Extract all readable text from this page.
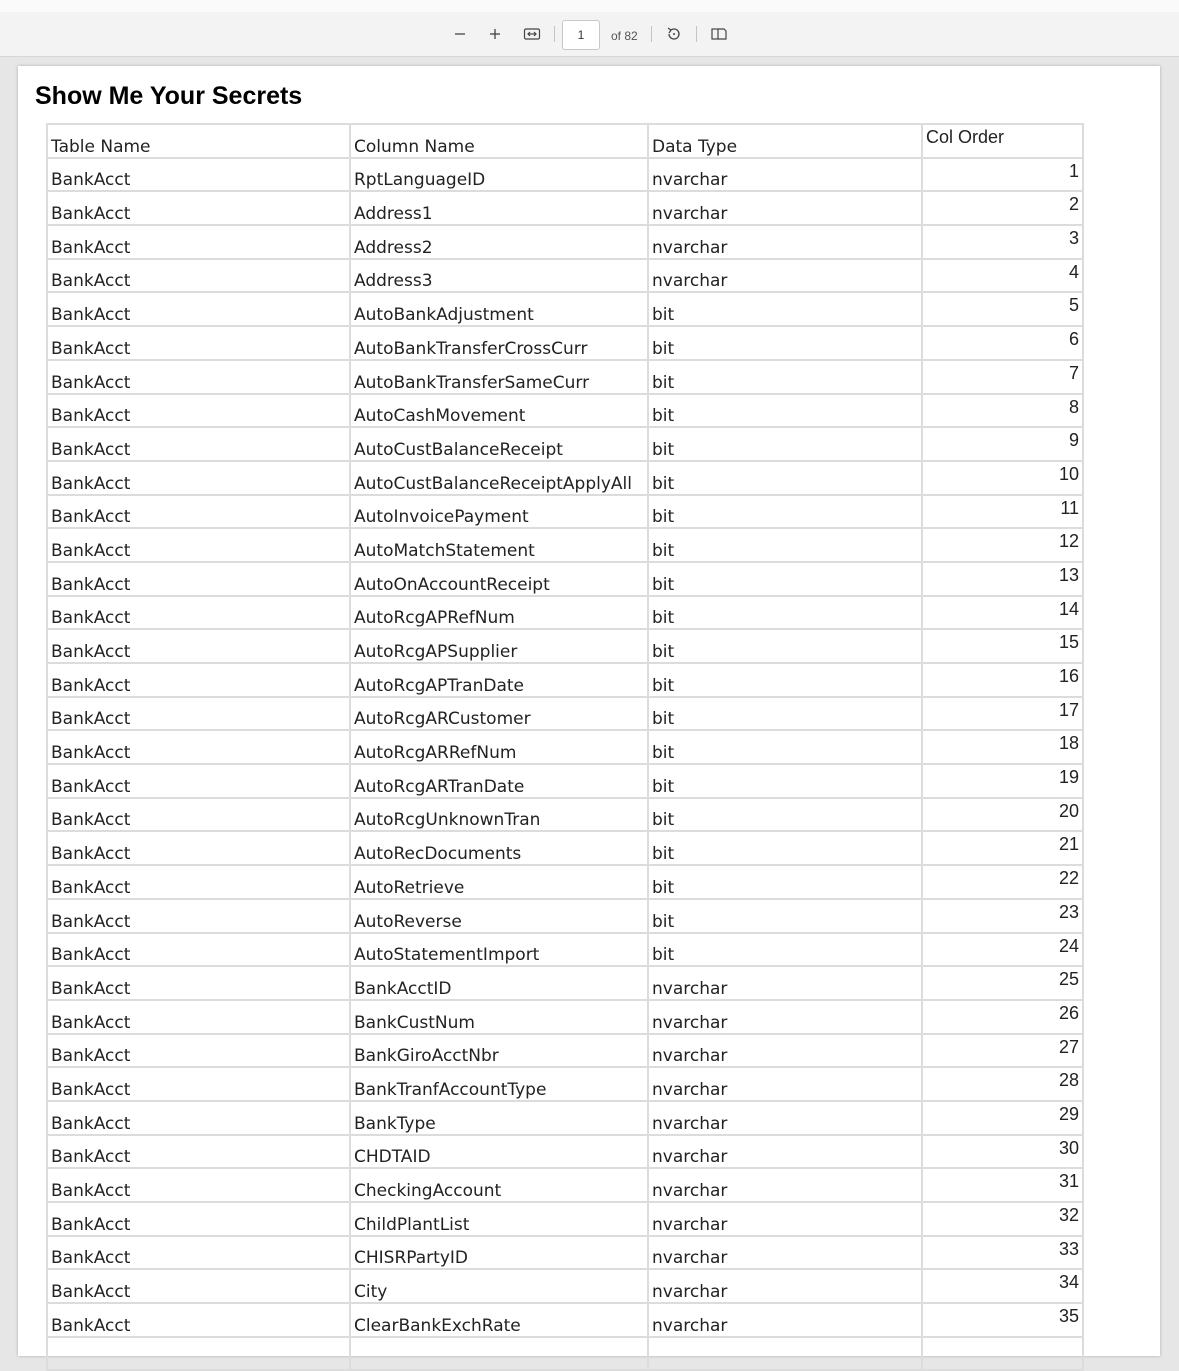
1
of 82
Show Me Your Secrets
Table Name	Column Name	Data Type	Col Order
BankAcct	RptLanguageID	nvarchar	1
BankAcct	Address1	nvarchar	2
BankAcct	Address2	nvarchar	3
BankAcct	Address3	nvarchar	4
BankAcct	AutoBankAdjustment	bit	5
BankAcct	AutoBankTransferCrossCurr	bit	6
BankAcct	AutoBankTransferSameCurr	bit	7
BankAcct	AutoCashMovement	bit	8
BankAcct	AutoCustBalanceReceipt	bit	9
BankAcct	AutoCustBalanceReceiptApplyAll	bit	10
BankAcct	AutoInvoicePayment	bit	11
BankAcct	AutoMatchStatement	bit	12
BankAcct	AutoOnAccountReceipt	bit	13
BankAcct	AutoRcgAPRefNum	bit	14
BankAcct	AutoRcgAPSupplier	bit	15
BankAcct	AutoRcgAPTranDate	bit	16
BankAcct	AutoRcgARCustomer	bit	17
BankAcct	AutoRcgARRefNum	bit	18
BankAcct	AutoRcgARTranDate	bit	19
BankAcct	AutoRcgUnknownTran	bit	20
BankAcct	AutoRecDocuments	bit	21
BankAcct	AutoRetrieve	bit	22
BankAcct	AutoReverse	bit	23
BankAcct	AutoStatementImport	bit	24
BankAcct	BankAcctID	nvarchar	25
BankAcct	BankCustNum	nvarchar	26
BankAcct	BankGiroAcctNbr	nvarchar	27
BankAcct	BankTranfAccountType	nvarchar	28
BankAcct	BankType	nvarchar	29
BankAcct	CHDTAID	nvarchar	30
BankAcct	CheckingAccount	nvarchar	31
BankAcct	ChildPlantList	nvarchar	32
BankAcct	CHISRPartyID	nvarchar	33
BankAcct	City	nvarchar	34
BankAcct	ClearBankExchRate	nvarchar	35
